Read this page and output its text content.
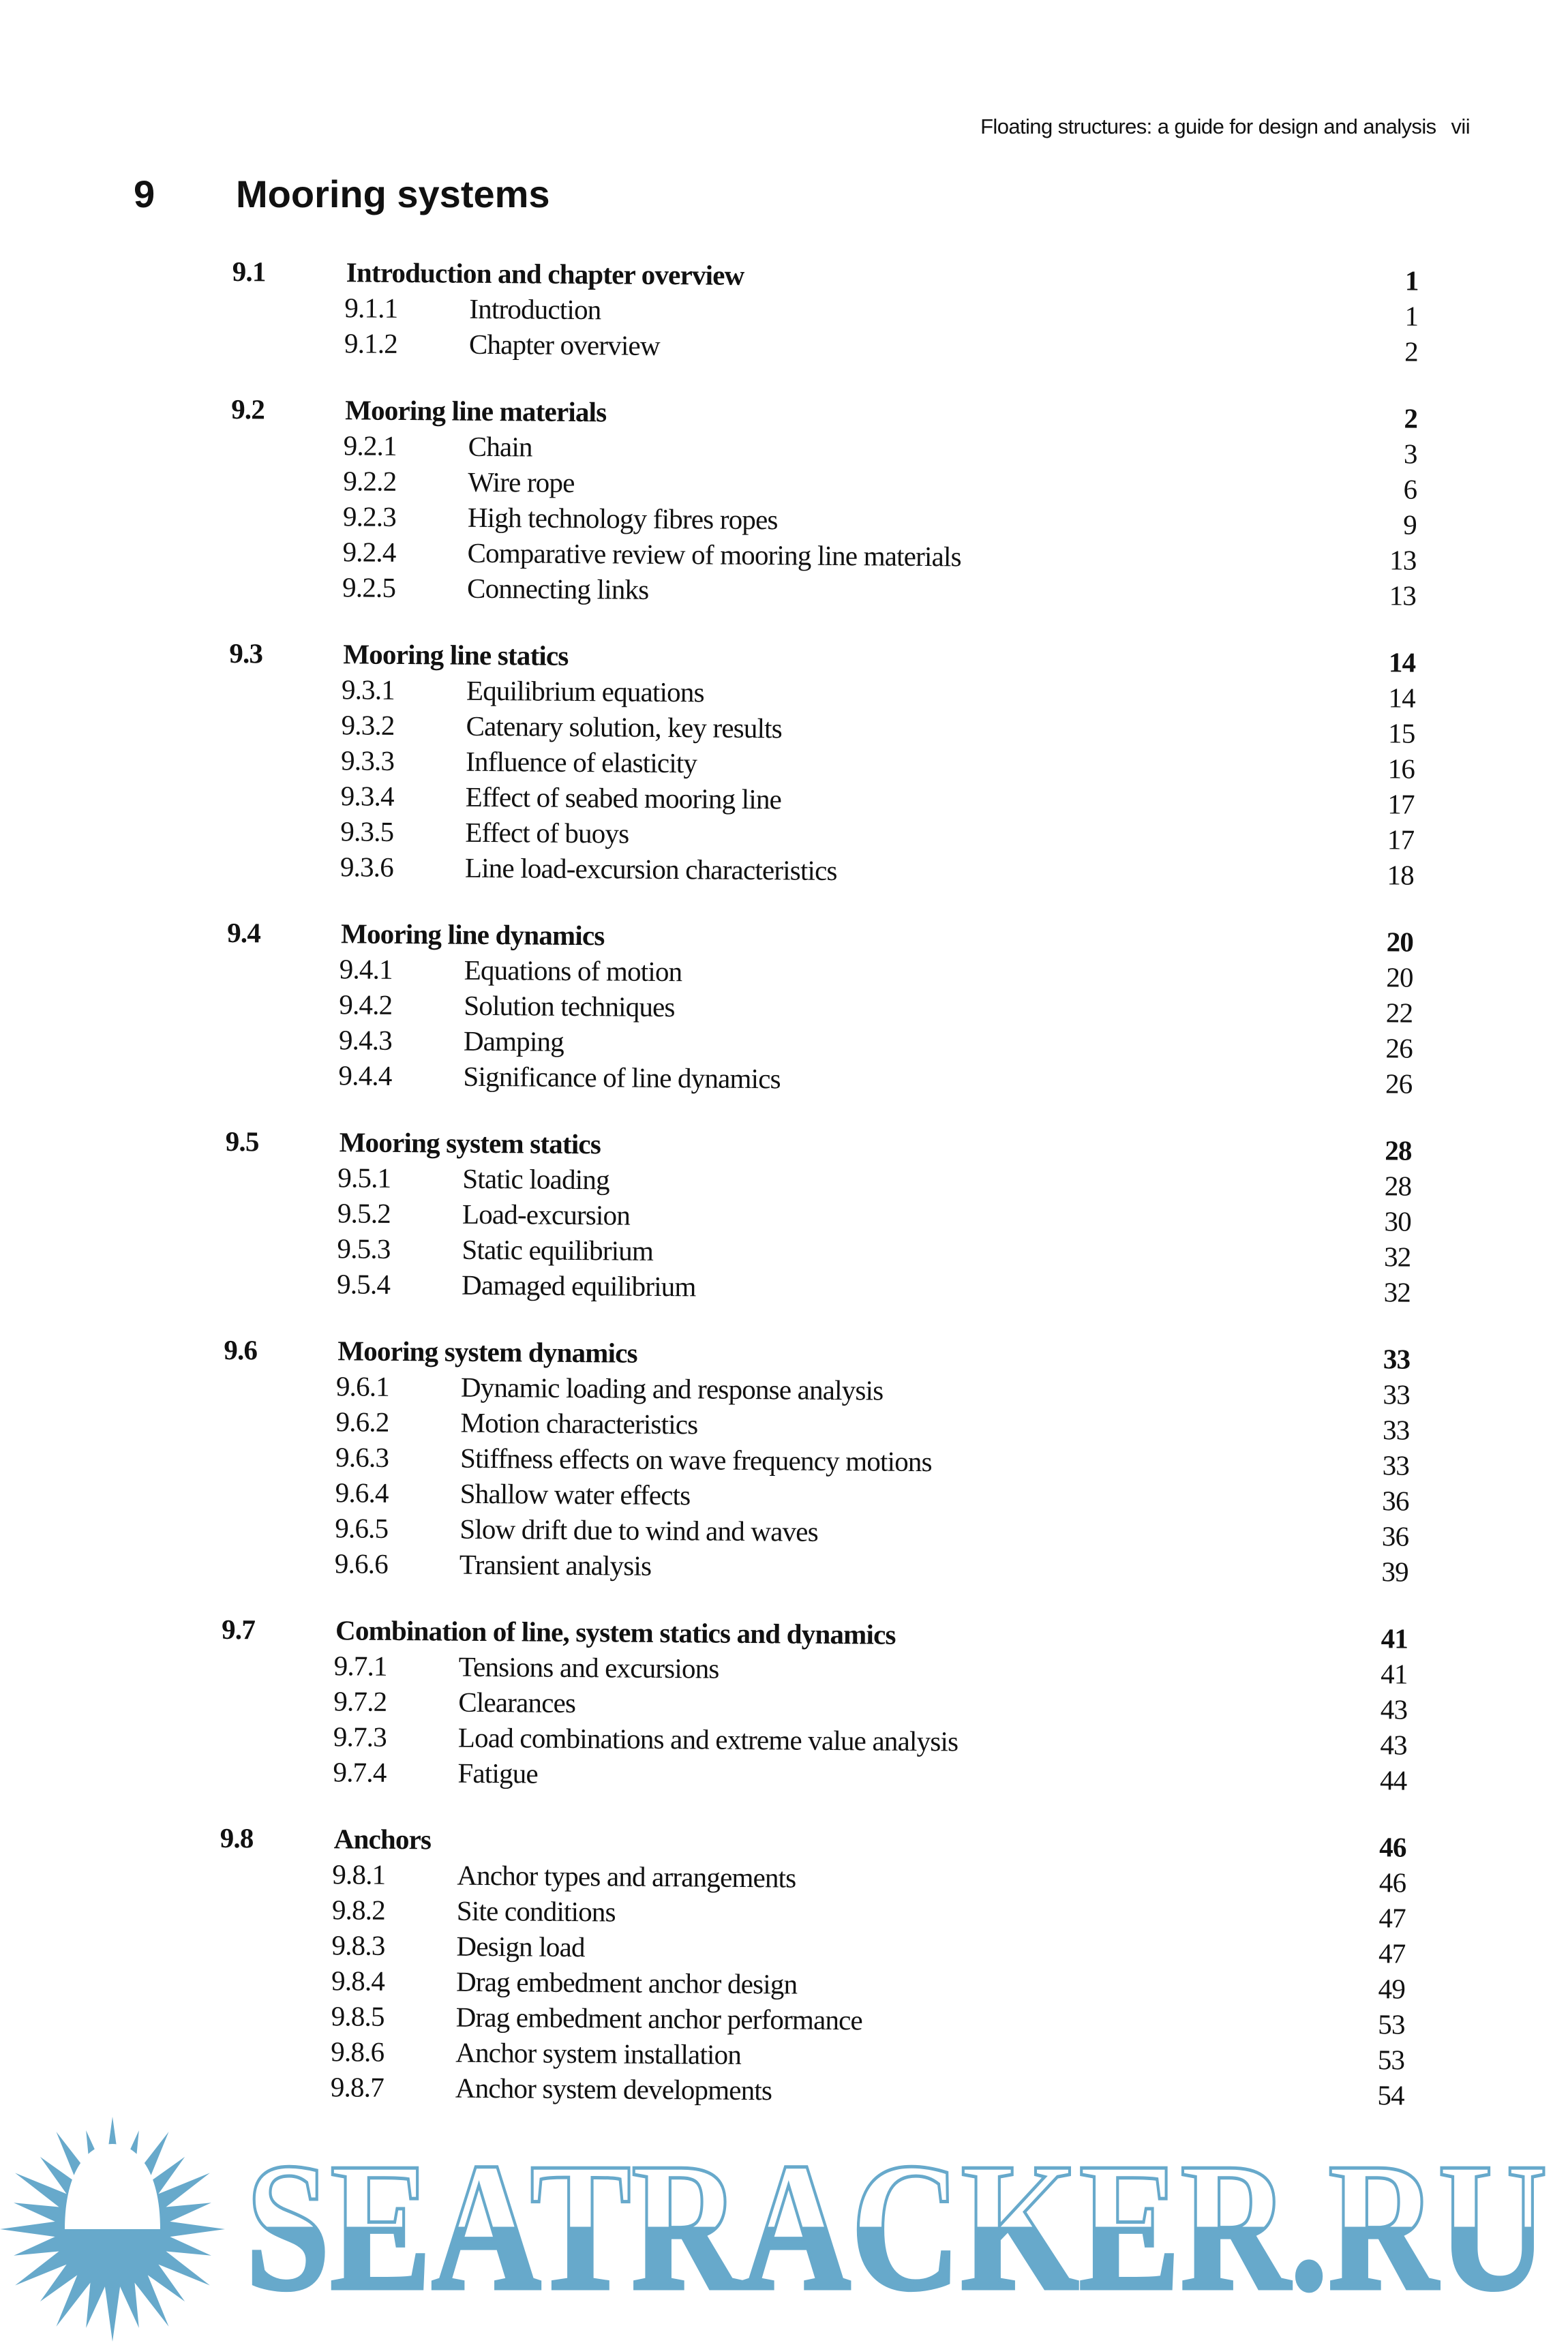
Floating structures: a guide for design and analysis vii
9 Mooring systems
9.1	Introduction and chapter overview	1
9.1.1	Introduction	1
9.1.2	Chapter overview	2
9.2	Mooring line materials	2
9.2.1	Chain	3
9.2.2	Wire rope	6
9.2.3	High technology fibres ropes	9
9.2.4	Comparative review of mooring line materials	13
9.2.5	Connecting links	13
9.3	Mooring line statics	14
9.3.1	Equilibrium equations	14
9.3.2	Catenary solution, key results	15
9.3.3	Influence of elasticity	16
9.3.4	Effect of seabed mooring line	17
9.3.5	Effect of buoys	17
9.3.6	Line load-excursion characteristics	18
9.4	Mooring line dynamics	20
9.4.1	Equations of motion	20
9.4.2	Solution techniques	22
9.4.3	Damping	26
9.4.4	Significance of line dynamics	26
9.5	Mooring system statics	28
9.5.1	Static loading	28
9.5.2	Load-excursion	30
9.5.3	Static equilibrium	32
9.5.4	Damaged equilibrium	32
9.6	Mooring system dynamics	33
9.6.1	Dynamic loading and response analysis	33
9.6.2	Motion characteristics	33
9.6.3	Stiffness effects on wave frequency motions	33
9.6.4	Shallow water effects	36
9.6.5	Slow drift due to wind and waves	36
9.6.6	Transient analysis	39
9.7	Combination of line, system statics and dynamics	41
9.7.1	Tensions and excursions	41
9.7.2	Clearances	43
9.7.3	Load combinations and extreme value analysis	43
9.7.4	Fatigue	44
9.8	Anchors	46
9.8.1	Anchor types and arrangements	46
9.8.2	Site conditions	47
9.8.3	Design load	47
9.8.4	Drag embedment anchor design	49
9.8.5	Drag embedment anchor performance	53
9.8.6	Anchor system installation	53
9.8.7	Anchor system developments	54
SEATRACKER.RU
